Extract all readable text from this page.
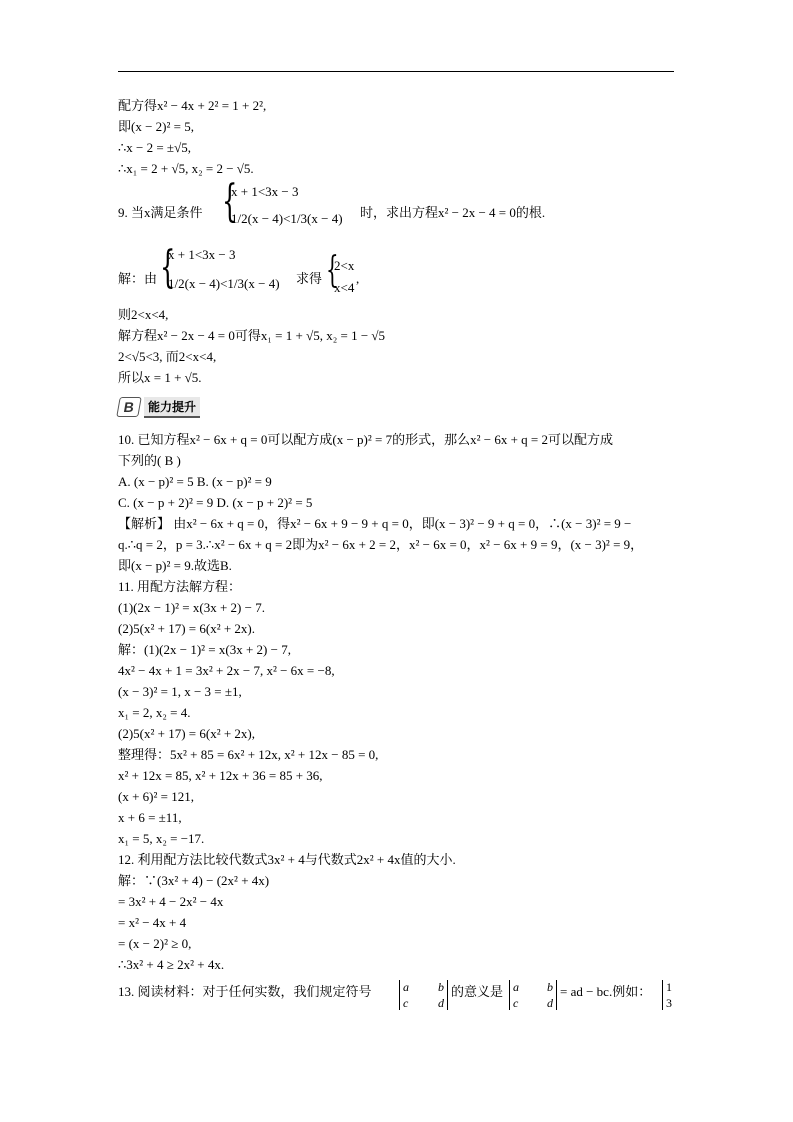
配方得x² − 4x + 2² = 1 + 2²,
即(x − 2)² = 5,
∴x − 2 = ±√5,
∴x₁ = 2 + √5, x₂ = 2 − √5.
9. 当x满足条件 {
x + 1<3x − 3
1/2(x − 4)<1/3(x − 4) 时，求出方程x² − 2x − 4 = 0的根.
解：由 {
x + 1<3x − 3
1/2(x − 4)<1/3(x − 4) 求得 {
2<x
x<4
,
则2<x<4,
解方程x² − 2x − 4 = 0可得x₁ = 1 + √5, x₂ = 1 − √5
2<√5<3, 而2<x<4,
所以x = 1 + √5.
B	能力提升
10. 已知方程x² − 6x + q = 0可以配方成(x − p)² = 7的形式，那么x² − 6x + q = 2可以配方成
下列的( B )
A. (x − p)² = 5 B. (x − p)² = 9
C. (x − p + 2)² = 9 D. (x − p + 2)² = 5
【解析】 由x² − 6x + q = 0，得x² − 6x + 9 − 9 + q = 0，即(x − 3)² − 9 + q = 0，∴(x − 3)² = 9 −
q.∴q = 2，p = 3.∴x² − 6x + q = 2即为x² − 6x + 2 = 2，x² − 6x = 0，x² − 6x + 9 = 9，(x − 3)² = 9，
即(x − p)² = 9.故选B.
11. 用配方法解方程：
(1)(2x − 1)² = x(3x + 2) − 7.
(2)5(x² + 17) = 6(x² + 2x).
解：(1)(2x − 1)² = x(3x + 2) − 7,
4x² − 4x + 1 = 3x² + 2x − 7, x² − 6x = −8,
(x − 3)² = 1, x − 3 = ±1,
x₁ = 2, x₂ = 4.
(2)5(x² + 17) = 6(x² + 2x),
整理得：5x² + 85 = 6x² + 12x, x² + 12x − 85 = 0,
x² + 12x = 85, x² + 12x + 36 = 85 + 36,
(x + 6)² = 121,
x + 6 = ±11,
x₁ = 5, x₂ = −17.
12. 利用配方法比较代数式3x² + 4与代数式2x² + 4x值的大小.
解：∵(3x² + 4) − (2x² + 4x)
= 3x² + 4 − 2x² − 4x
= x² − 4x + 4
= (x − 2)² ≥ 0,
∴3x² + 4 ≥ 2x² + 4x.
13. 阅读材料：对于任何实数，我们规定符号	a b
c d
的意义是 a b
c d
= ad − bc.例如： 1
3
